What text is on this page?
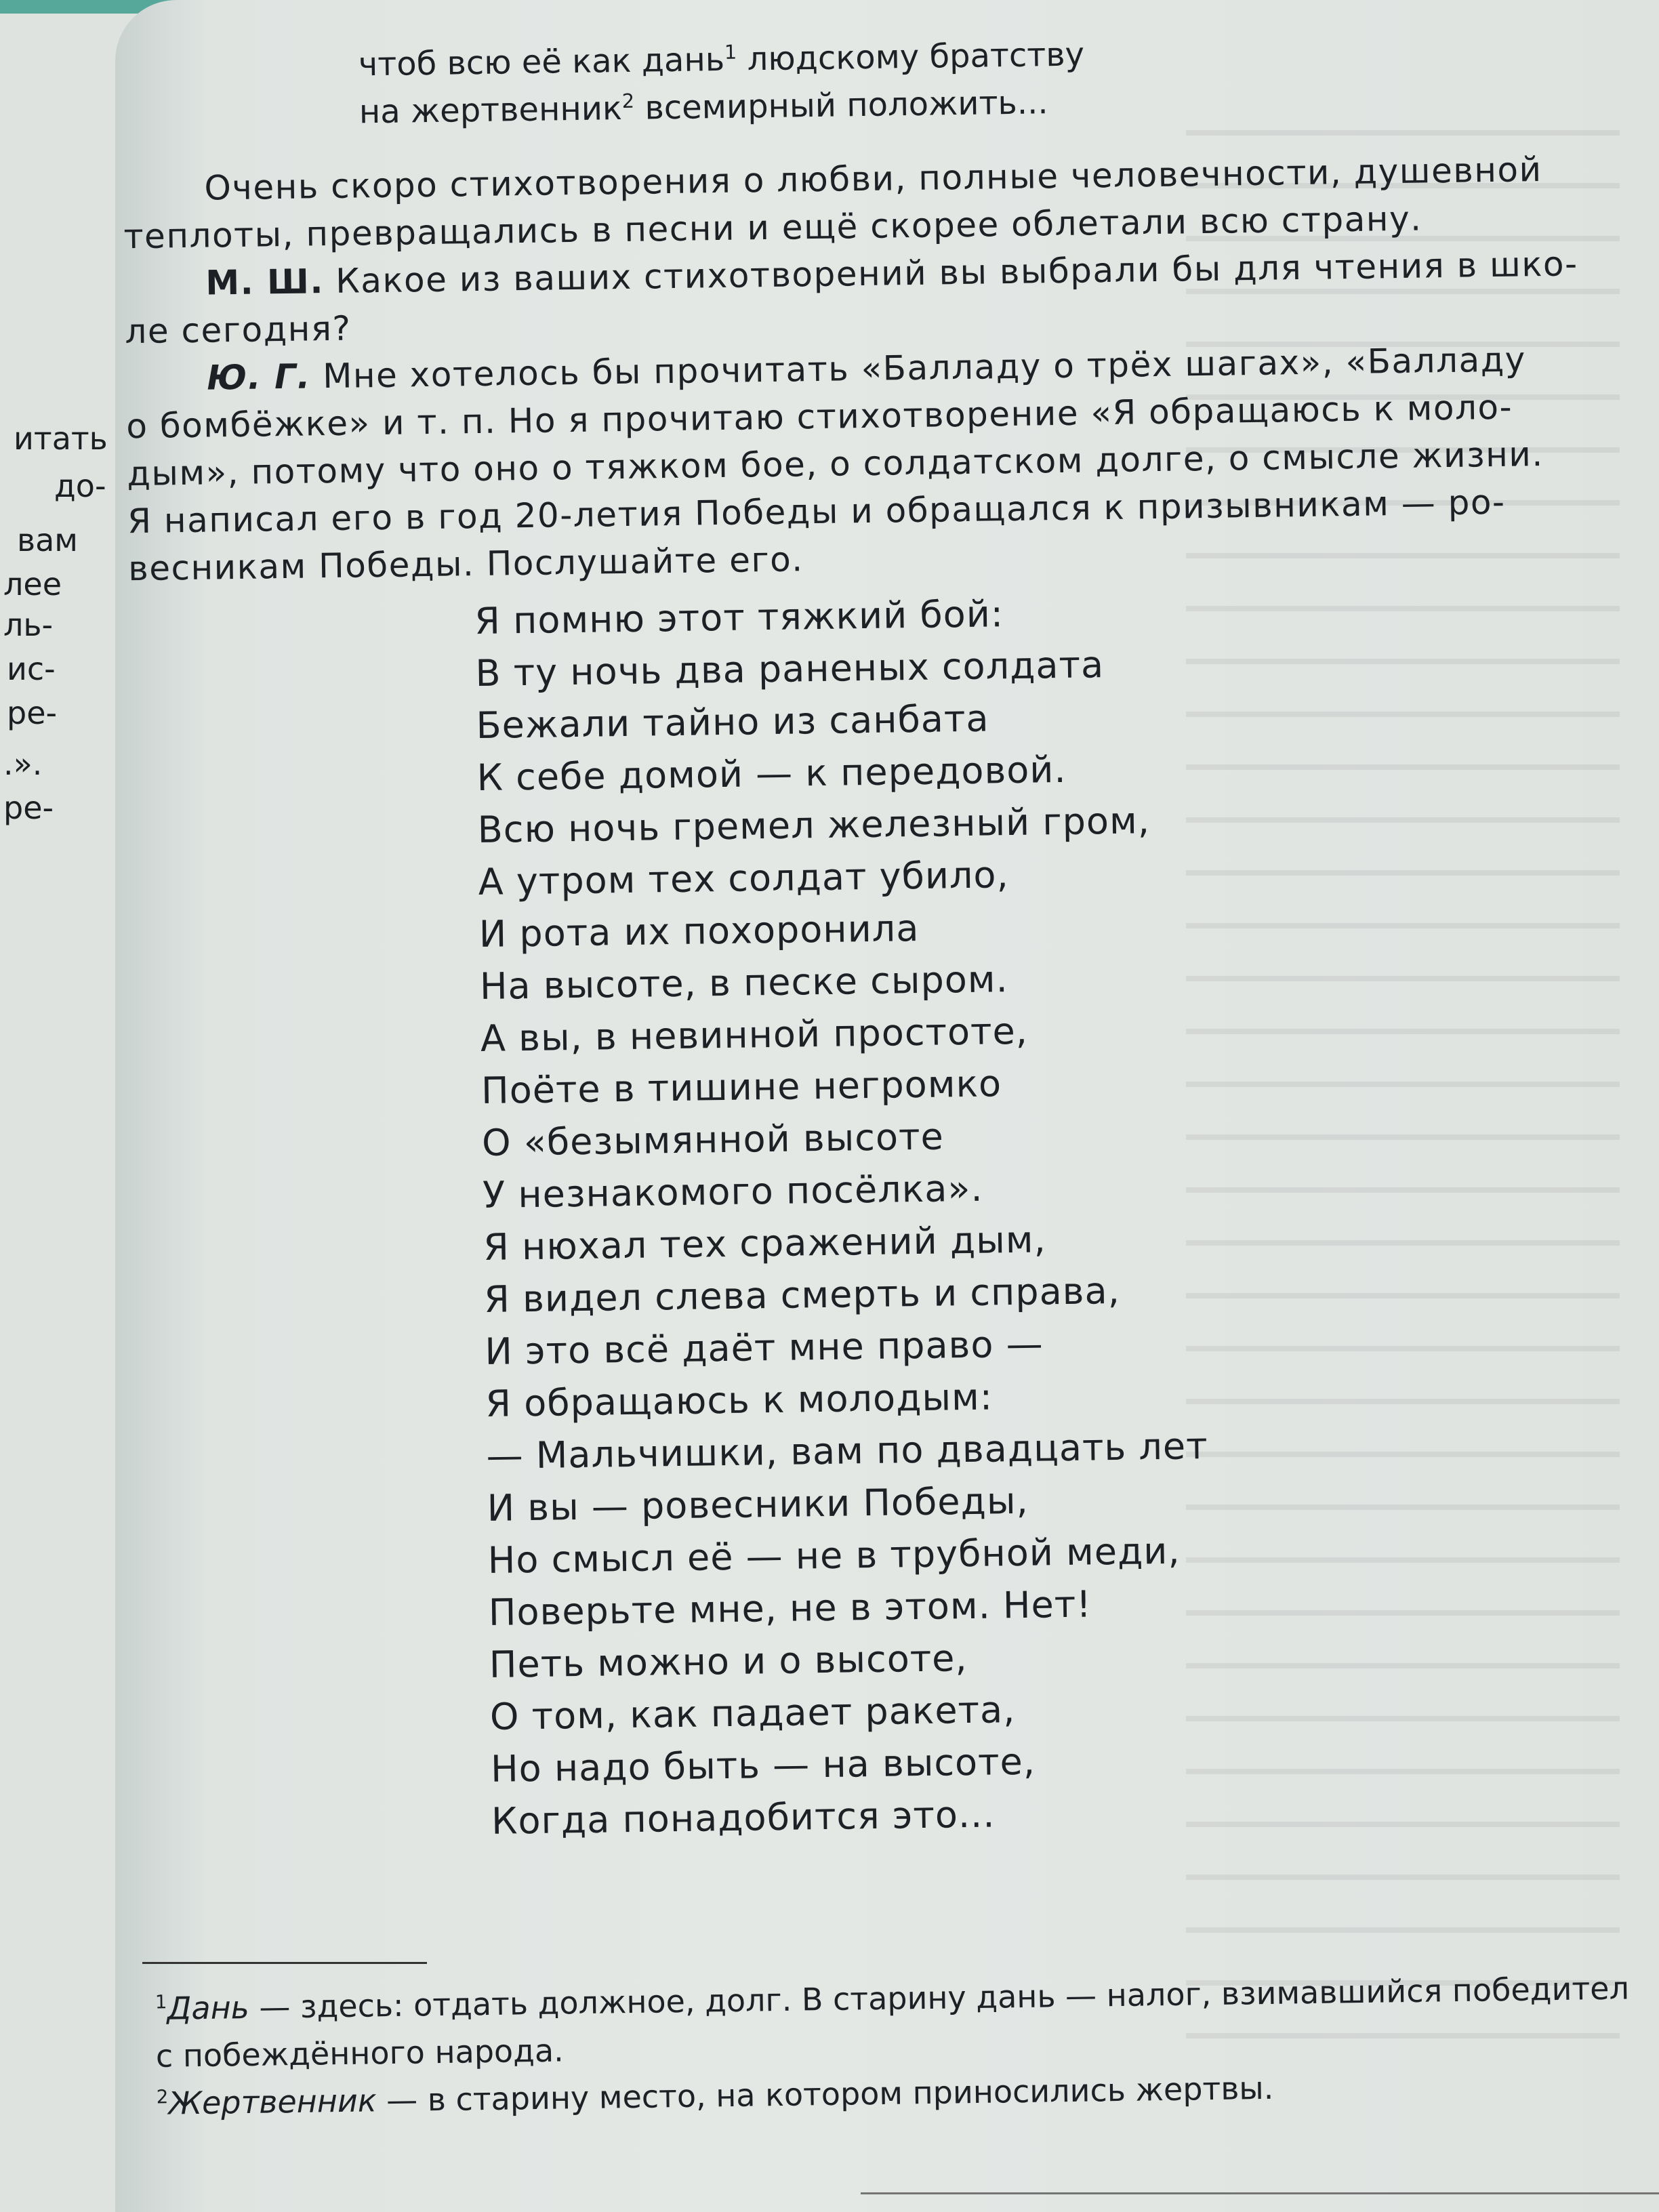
итать
до-
вам
лее
ль-
ис-
ре-
.».
ре-
чтоб всю её как дань$^1$ людскому братству
на жертвенник$^2$ всемирный положить...
Очень скоро стихотворения о любви, полные человечности, душевной
теплоты, превращались в песни и ещё скорее облетали всю страну.
М. Ш. Какое из ваших стихотворений вы выбрали бы для чтения в шко-
ле сегодня?
Ю. Г. Мне хотелось бы прочитать «Балладу о трёх шагах», «Балладу
о бомбёжке» и т. п. Но я прочитаю стихотворение «Я обращаюсь к моло-
дым», потому что оно о тяжком бое, о солдатском долге, о смысле жизни.
Я написал его в год 20-летия Победы и обращался к призывникам — ро-
весникам Победы. Послушайте его.
Я помню этот тяжкий бой:
В ту ночь два раненых солдата
Бежали тайно из санбата
К себе домой — к передовой.
Всю ночь гремел железный гром,
А утром тех солдат убило,
И рота их похоронила
На высоте, в песке сыром.
А вы, в невинной простоте,
Поёте в тишине негромко
О «безымянной высоте
У незнакомого посёлка».
Я нюхал тех сражений дым,
Я видел слева смерть и справа,
И это всё даёт мне право —
Я обращаюсь к молодым:
— Мальчишки, вам по двадцать лет
И вы — ровесники Победы,
Но смысл её — не в трубной меди,
Поверьте мне, не в этом. Нет!
Петь можно и о высоте,
О том, как падает ракета,
Но надо быть — на высоте,
Когда понадобится это...
$^1$Дань — здесь: отдать должное, долг. В старину дань — налог, взимавшийся победител
с побеждённого народа.
$^2$Жертвенник — в старину место, на котором приносились жертвы.
